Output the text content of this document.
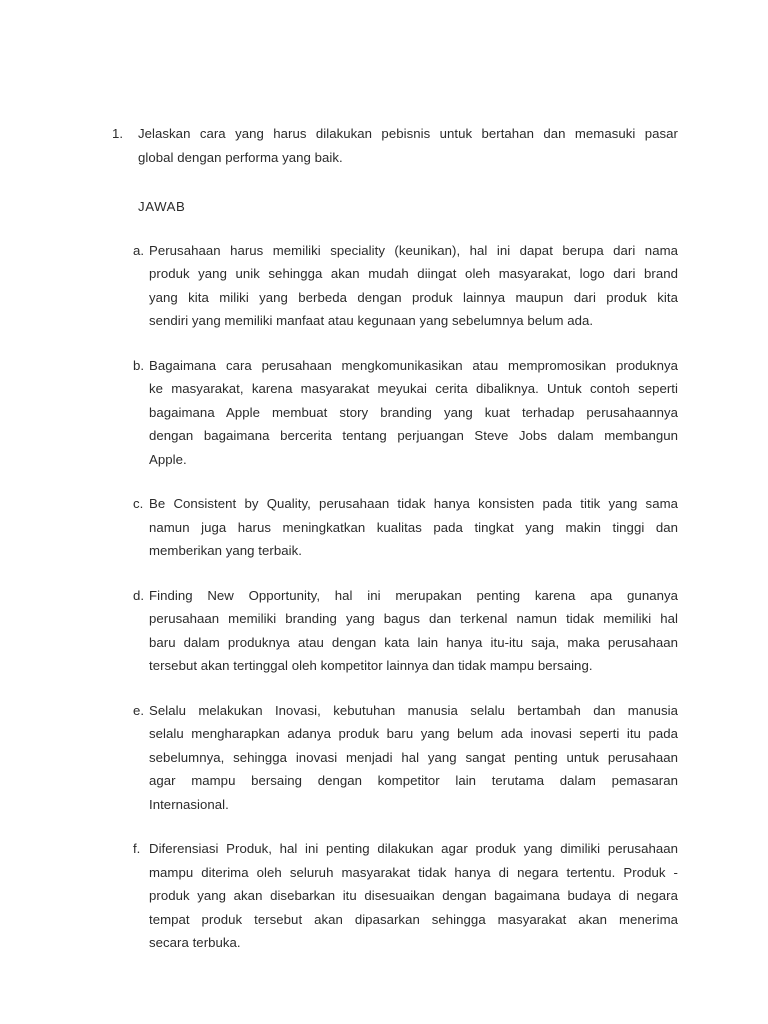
1.	Jelaskan cara yang harus dilakukan pebisnis untuk bertahan dan memasuki pasar
global dengan performa yang baik.
JAWAB
a. Perusahaan harus memiliki speciality (keunikan), hal ini dapat berupa dari nama
produk yang unik sehingga akan mudah diingat oleh masyarakat, logo dari brand
yang kita miliki yang berbeda dengan produk lainnya maupun dari produk kita
sendiri yang memiliki manfaat atau kegunaan yang sebelumnya belum ada.
b. Bagaimana cara perusahaan mengkomunikasikan atau mempromosikan produknya
ke masyarakat, karena masyarakat meyukai cerita dibaliknya. Untuk contoh seperti
bagaimana Apple membuat story branding yang kuat terhadap perusahaannya
dengan bagaimana bercerita tentang perjuangan Steve Jobs dalam membangun
Apple.
c. Be Consistent by Quality, perusahaan tidak hanya konsisten pada titik yang sama
namun juga harus meningkatkan kualitas pada tingkat yang makin tinggi dan
memberikan yang terbaik.
d. Finding New Opportunity, hal ini merupakan penting karena apa gunanya
perusahaan memiliki branding yang bagus dan terkenal namun tidak memiliki hal
baru dalam produknya atau dengan kata lain hanya itu-itu saja, maka perusahaan
tersebut akan tertinggal oleh kompetitor lainnya dan tidak mampu bersaing.
e. Selalu melakukan Inovasi, kebutuhan manusia selalu bertambah dan manusia
selalu mengharapkan adanya produk baru yang belum ada inovasi seperti itu pada
sebelumnya, sehingga inovasi menjadi hal yang sangat penting untuk perusahaan
agar mampu bersaing dengan kompetitor lain terutama dalam pemasaran
Internasional.
f. Diferensiasi Produk, hal ini penting dilakukan agar produk yang dimiliki perusahaan
mampu diterima oleh seluruh masyarakat tidak hanya di negara tertentu. Produk -
produk yang akan disebarkan itu disesuaikan dengan bagaimana budaya di negara
tempat produk tersebut akan dipasarkan sehingga masyarakat akan menerima
secara terbuka.
